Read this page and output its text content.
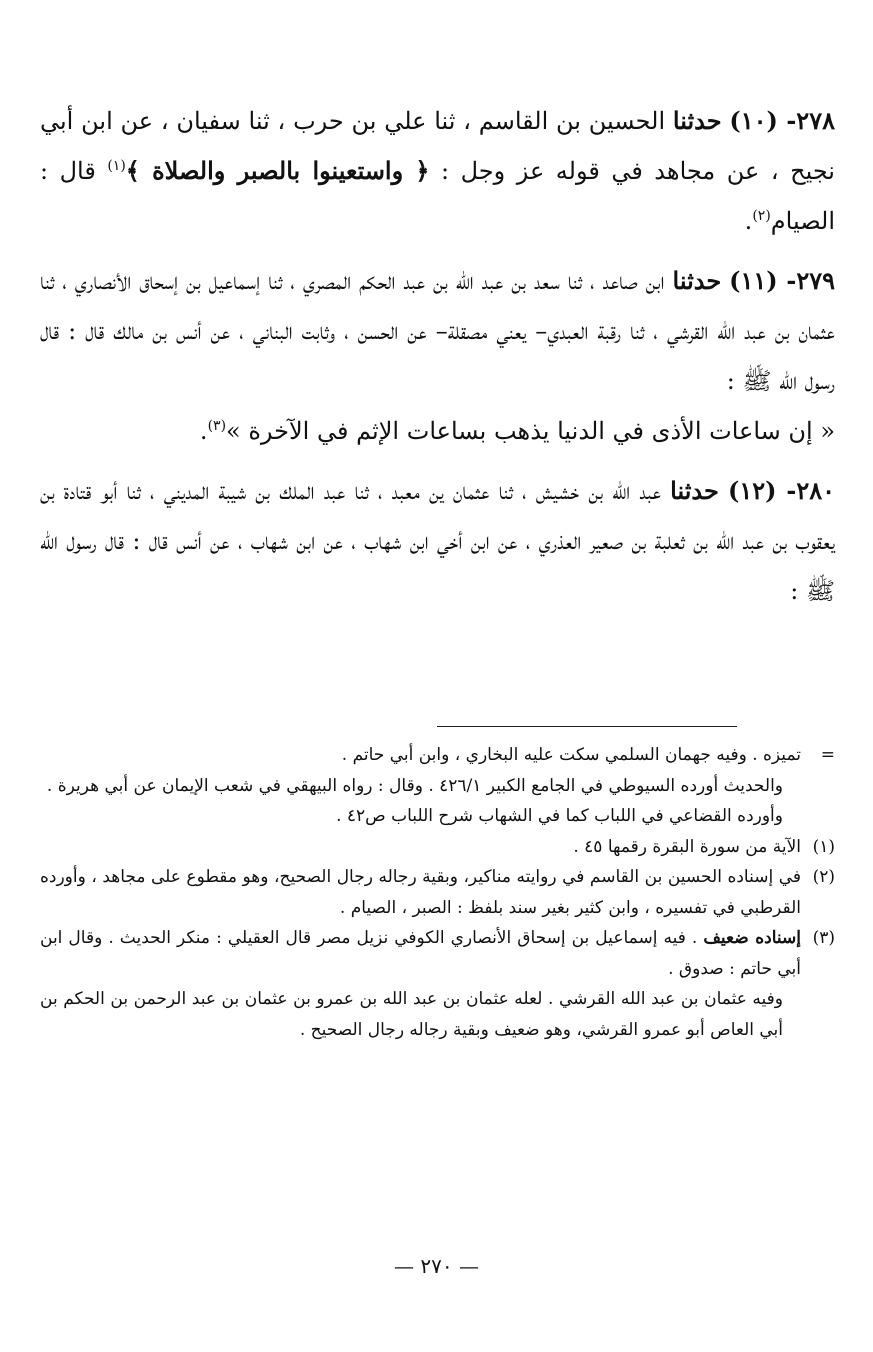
٢٧٨- (١٠) حدثنا الحسين بن القاسم ، ثنا علي بن حرب ، ثنا سفيان ، عن ابن أبي نجيح ، عن مجاهد في قوله عز وجل : ﴿ واستعينوا بالصبر والصلاة ﴾$^{(١)}$ قال : الصيام$^{(٢)}$.

٢٧٩- (١١) حدثنا ابن صاعد ، ثنا سعد بن عبد الله بن عبد الحكم المصري ، ثنا إسماعيل بن إسحاق الأنصاري ، ثنا عثمان بن عبد الله القرشي ، ثنا رقبة العبدي– يعني مصقلة– عن الحسن ، وثابت البناني ، عن أنس بن مالك قال : قال رسول الله ﷺ :

« إن ساعات الأذى في الدنيا يذهب بساعات الإثم في الآخرة »$^{(٣)}$.

٢٨٠- (١٢) حدثنا عبد الله بن خشيش ، ثنا عثمان ين معبد ، ثنا عبد الملك بن شيبة المديني ، ثنا أبو قتادة بن يعقوب بن عبد الله بن ثعلبة بن صعير العذري ، عن ابن أخي ابن شهاب ، عن ابن شهاب ، عن أنس قال : قال رسول الله ﷺ :

=

تميزه . وفيه جهمان السلمي سكت عليه البخاري ، وابن أبي حاتم .

والحديث أورده السيوطي في الجامع الكبير ٤٢٦/١ . وقال : رواه البيهقي في شعب الإيمان عن أبي هريرة .

وأورده القضاعي في اللباب كما في الشهاب شرح اللباب ص٤٢ .

(١)

الآية من سورة البقرة رقمها ٤٥ .

(٢)

في إسناده الحسين بن القاسم في روايته مناكير، وبقية رجاله رجال الصحيح، وهو مقطوع على مجاهد ، وأورده القرطبي في تفسيره ، وابن كثير بغير سند بلفظ : الصبر ، الصيام .

(٣)

إسناده ضعيف . فيه إسماعيل بن إسحاق الأنصاري الكوفي نزيل مصر قال العقيلي : منكر الحديث . وقال ابن أبي حاتم : صدوق .

وفيه عثمان بن عبد الله القرشي . لعله عثمان بن عبد الله بن عمرو بن عثمان بن عبد الرحمن بن الحكم بن أبي العاص أبو عمرو القرشي، وهو ضعيف وبقية رجاله رجال الصحيح .

— ٢٧٠ —
